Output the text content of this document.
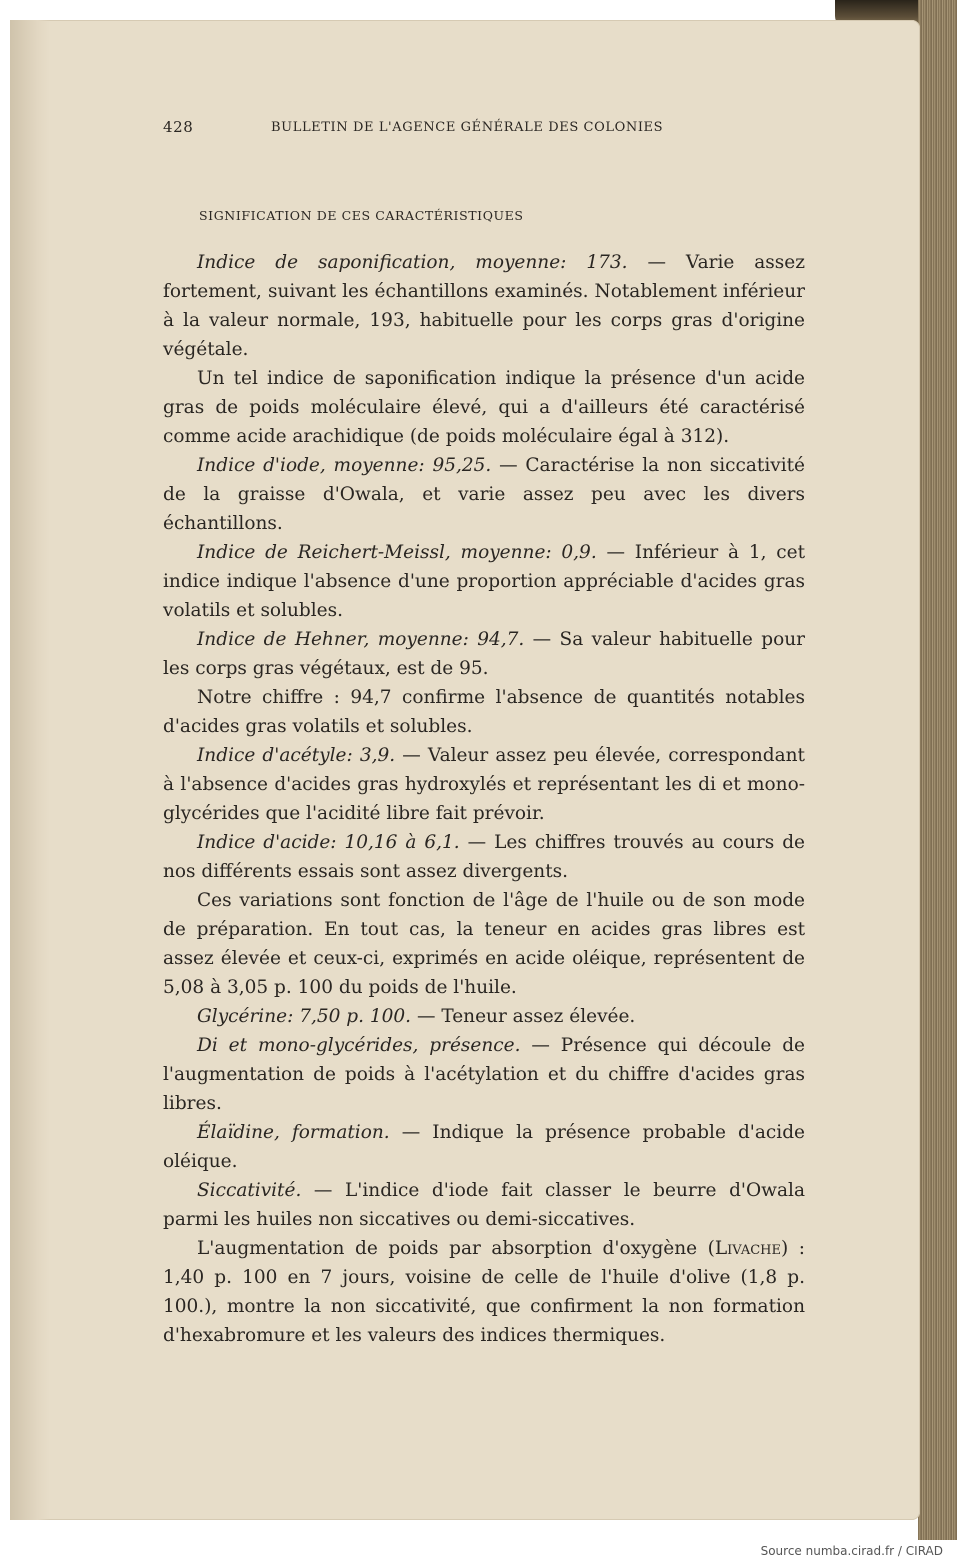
428	BULLETIN DE L'AGENCE GÉNÉRALE DES COLONIES
SIGNIFICATION DE CES CARACTÉRISTIQUES

Indice de saponification, moyenne: 173. — Varie assez fortement, suivant les échantillons examinés. Notablement inférieur à la valeur normale, 193, habituelle pour les corps gras d'origine végétale.

Un tel indice de saponification indique la présence d'un acide gras de poids moléculaire élevé, qui a d'ailleurs été caractérisé comme acide arachidique (de poids moléculaire égal à 312).

Indice d'iode, moyenne: 95,25. — Caractérise la non siccativité de la graisse d'Owala, et varie assez peu avec les divers échantillons.

Indice de Reichert-Meissl, moyenne: 0,9. — Inférieur à 1, cet indice indique l'absence d'une proportion appréciable d'acides gras volatils et solubles.

Indice de Hehner, moyenne: 94,7. — Sa valeur habituelle pour les corps gras végétaux, est de 95.

Notre chiffre : 94,7 confirme l'absence de quantités notables d'acides gras volatils et solubles.

Indice d'acétyle: 3,9. — Valeur assez peu élevée, correspondant à l'absence d'acides gras hydroxylés et représentant les di et mono-glycérides que l'acidité libre fait prévoir.

Indice d'acide: 10,16 à 6,1. — Les chiffres trouvés au cours de nos différents essais sont assez divergents.

Ces variations sont fonction de l'âge de l'huile ou de son mode de préparation. En tout cas, la teneur en acides gras libres est assez élevée et ceux-ci, exprimés en acide oléique, représentent de 5,08 à 3,05 p. 100 du poids de l'huile.

Glycérine: 7,50 p. 100. — Teneur assez élevée.

Di et mono-glycérides, présence. — Présence qui découle de l'augmentation de poids à l'acétylation et du chiffre d'acides gras libres.

Élaïdine, formation. — Indique la présence probable d'acide oléique.

Siccativité. — L'indice d'iode fait classer le beurre d'Owala parmi les huiles non siccatives ou demi-siccatives.

L'augmentation de poids par absorption d'oxygène (Livache) : 1,40 p. 100 en 7 jours, voisine de celle de l'huile d'olive (1,8 p. 100.), montre la non siccativité, que confirment la non formation d'hexabromure et les valeurs des indices thermiques.

Source numba.cirad.fr / CIRAD
